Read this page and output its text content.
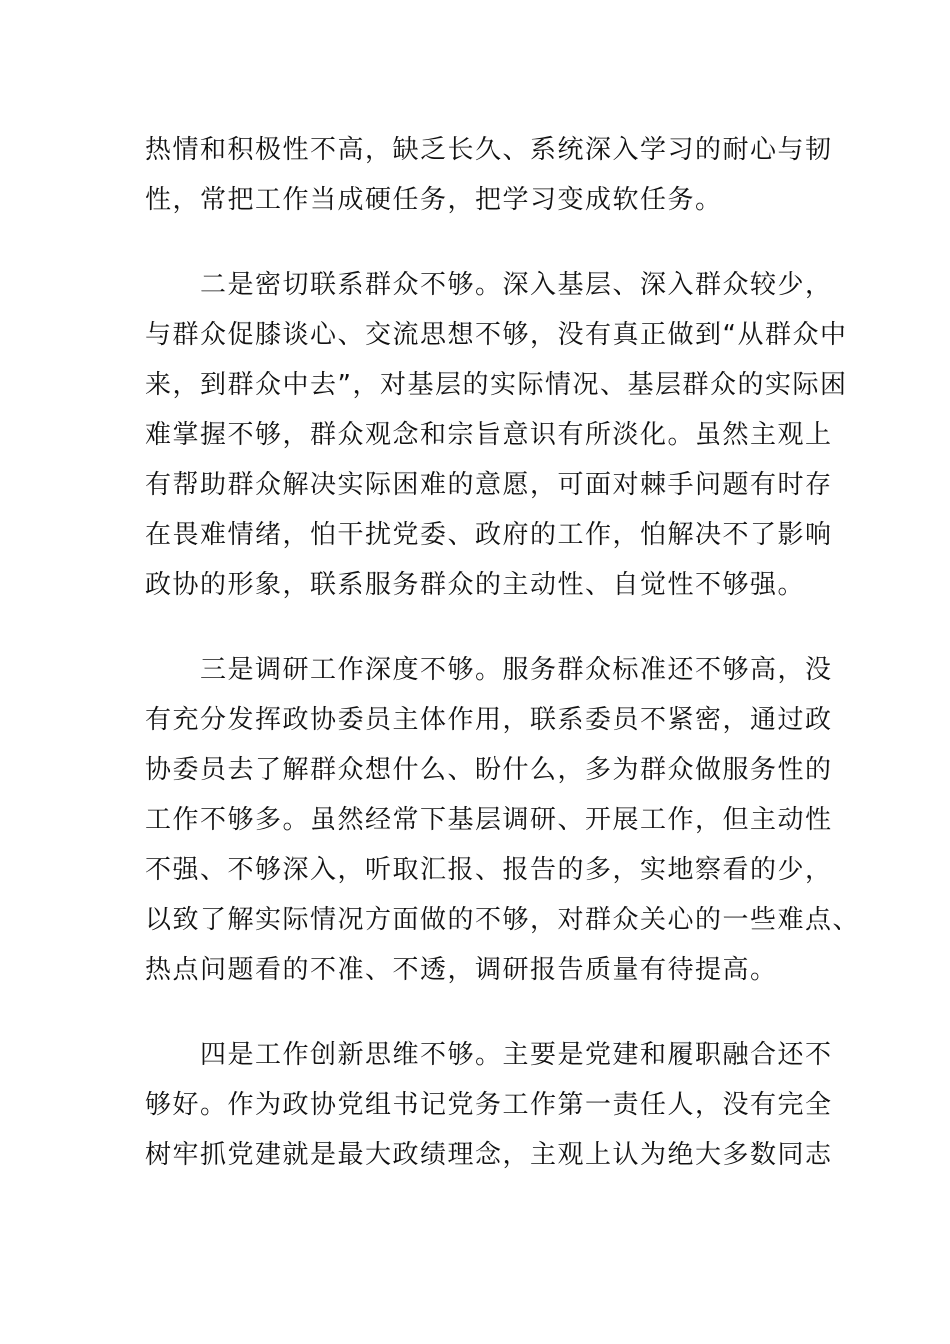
热情和积极性不高，缺乏长久、系统深入学习的耐心与韧
性，常把工作当成硬任务，把学习变成软任务。
　　二是密切联系群众不够。深入基层、深入群众较少，
与群众促膝谈心、交流思想不够，没有真正做到“从群众中
来，到群众中去”，对基层的实际情况、基层群众的实际困
难掌握不够，群众观念和宗旨意识有所淡化。虽然主观上
有帮助群众解决实际困难的意愿，可面对棘手问题有时存
在畏难情绪，怕干扰党委、政府的工作，怕解决不了影响
政协的形象，联系服务群众的主动性、自觉性不够强。
　　三是调研工作深度不够。服务群众标准还不够高，没
有充分发挥政协委员主体作用，联系委员不紧密，通过政
协委员去了解群众想什么、盼什么，多为群众做服务性的
工作不够多。虽然经常下基层调研、开展工作，但主动性
不强、不够深入，听取汇报、报告的多，实地察看的少，
以致了解实际情况方面做的不够，对群众关心的一些难点、
热点问题看的不准、不透，调研报告质量有待提高。
　　四是工作创新思维不够。主要是党建和履职融合还不
够好。作为政协党组书记党务工作第一责任人，没有完全
树牢抓党建就是最大政绩理念，主观上认为绝大多数同志
